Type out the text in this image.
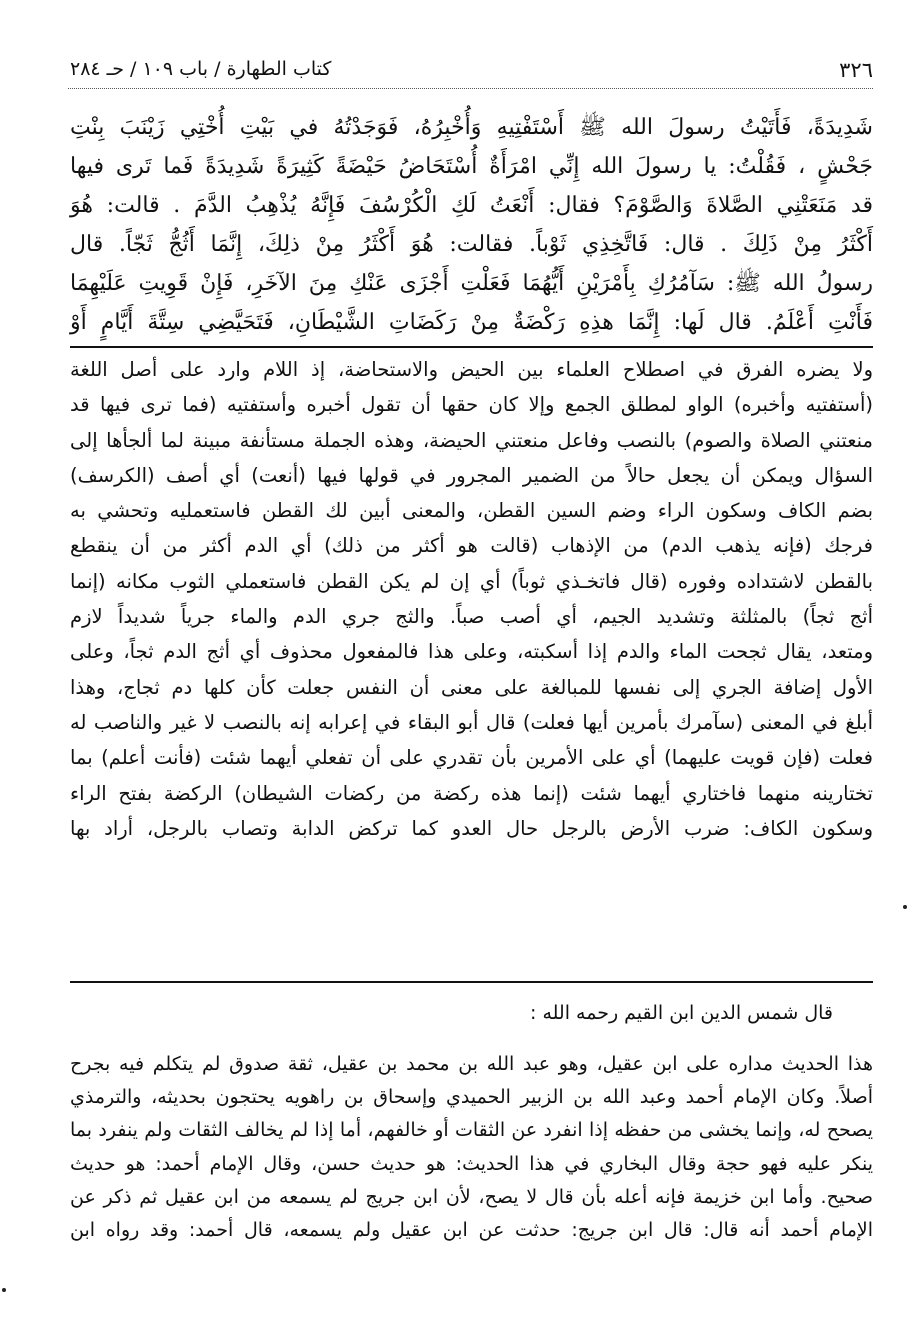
٣٢٦
كتاب الطهارة / باب ١٠٩ / حـ ٢٨٤

شَدِيدَةً، فَأَتَيْتُ رسولَ الله ﷺ أَسْتَفْتِيهِ وَأُخْبِرُهُ، فَوَجَدْتُهُ في بَيْتِ أُخْتِي زَيْنَبَ بِنْتِ

جَحْشٍ ، فَقُلْتُ: يا رسولَ الله إِنِّي امْرَأَةٌ أُسْتَحَاضُ حَيْضَةً كَثِيرَةً شَدِيدَةً فَما تَرى فيها

قد مَنَعَتْنِي الصَّلاةَ وَالصَّوْمَ؟ فقال: أَنْعَتُ لَكِ الْكُرْسُفَ فَإِنَّهُ يُذْهِبُ الدَّمَ . قالت: هُوَ

أَكْثَرُ مِنْ ذَلِكَ . قال: فَاتَّخِذِي ثَوْباً. فقالت: هُوَ أَكْثَرُ مِنْ ذلِكَ، إِنَّمَا أَثُجُّ ثَجّاً. قال

رسولُ الله ﷺ: سَآمُرُكِ بِأَمْرَيْنِ أَيُّهُمَا فَعَلْتِ أَجْزَى عَنْكِ مِنَ الآخَرِ، فَإِنْ قَوِيتِ عَلَيْهِمَا

فَأَنْتِ أَعْلَمُ. قال لَها: إِنَّمَا هذِهِ رَكْضَةٌ مِنْ رَكَضَاتِ الشَّيْطَانِ، فَتَحَيَّضِي سِتَّةَ أَيَّامٍ أَوْ

ولا يضره الفرق في اصطلاح العلماء بين الحيض والاستحاضة، إذ اللام وارد على أصل اللغة

(أستفتيه وأخبره) الواو لمطلق الجمع وإلا كان حقها أن تقول أخبره وأستفتيه (فما ترى فيها قد

منعتني الصلاة والصوم) بالنصب وفاعل منعتني الحيضة، وهذه الجملة مستأنفة مبينة لما ألجأها إلى

السؤال ويمكن أن يجعل حالاً من الضمير المجرور في قولها فيها (أنعت) أي أصف (الكرسف)

بضم الكاف وسكون الراء وضم السين القطن، والمعنى أبين لك القطن فاستعمليه وتحشي به

فرجك (فإنه يذهب الدم) من الإذهاب (قالت هو أكثر من ذلك) أي الدم أكثر من أن ينقطع

بالقطن لاشتداده وفوره (قال فاتخـذي ثوباً) أي إن لم يكن القطن فاستعملي الثوب مكانه (إنما

أثج ثجاً) بالمثلثة وتشديد الجيم، أي أصب صباً. والثج جري الدم والماء جرياً شديداً لازم

ومتعد، يقال ثجحت الماء والدم إذا أسكبته، وعلى هذا فالمفعول محذوف أي أثج الدم ثجاً، وعلى

الأول إضافة الجري إلى نفسها للمبالغة على معنى أن النفس جعلت كأن كلها دم ثجاج، وهذا

أبلغ في المعنى (سآمرك بأمرين أيها فعلت) قال أبو البقاء في إعرابه إنه بالنصب لا غير والناصب له

فعلت (فإن قويت عليهما) أي على الأمرين بأن تقدري على أن تفعلي أيهما شئت (فأنت أعلم) بما

تختارينه منهما فاختاري أيهما شئت (إنما هذه ركضة من ركضات الشيطان) الركضة بفتح الراء

وسكون الكاف: ضرب الأرض بالرجل حال العدو كما تركض الدابة وتصاب بالرجل، أراد بها

قال شمس الدين ابن القيم رحمه الله :

هذا الحديث مداره على ابن عقيل، وهو عبد الله بن محمد بن عقيل، ثقة صدوق لم يتكلم فيه بجرح

أصلاً. وكان الإمام أحمد وعبد الله بن الزبير الحميدي وإسحاق بن راهويه يحتجون بحديثه، والترمذي

يصحح له، وإنما يخشى من حفظه إذا انفرد عن الثقات أو خالفهم، أما إذا لم يخالف الثقات ولم ينفرد بما

ينكر عليه فهو حجة وقال البخاري في هذا الحديث: هو حديث حسن، وقال الإمام أحمد: هو حديث

صحيح. وأما ابن خزيمة فإنه أعله بأن قال لا يصح، لأن ابن جريج لم يسمعه من ابن عقيل ثم ذكر عن

الإمام أحمد أنه قال: قال ابن جريج: حدثت عن ابن عقيل ولم يسمعه، قال أحمد: وقد رواه ابن
